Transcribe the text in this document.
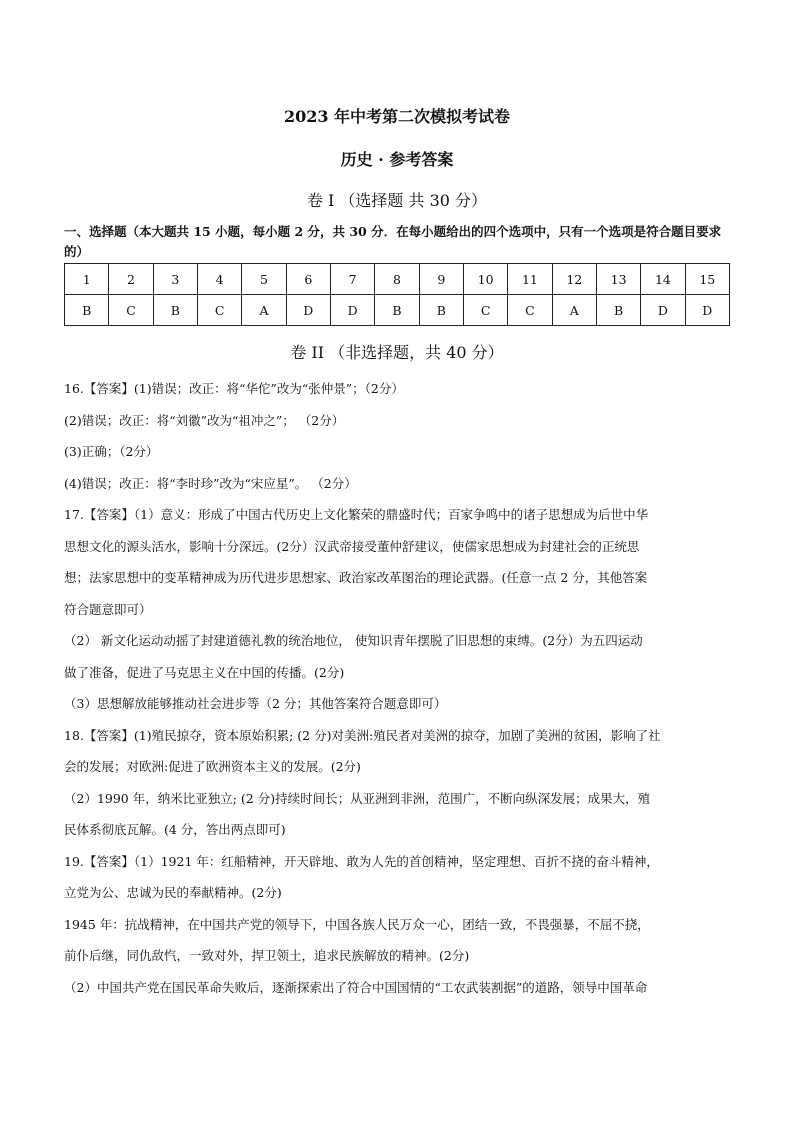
2023 年中考第二次模拟考试卷
历史 · 参考答案
卷 I （选择题 共 30 分）
一、选择题（本大题共 15 小题，每小题 2 分，共 30 分．在每小题给出的四个选项中，只有一个选项是符合题目要求的）
1	2	3	4	5	6	7	8	9	10	11	12	13	14	15
B	C	B	C	A	D	D	B	B	C	C	A	B	D	D
卷 II （非选择题，共 40 分）

16.【答案】(1)错误；改正：将“华佗”改为“张仲景”；（2分）

(2)错误；改正：将“刘徽”改为“祖冲之”； （2分）

(3)正确；（2分）

(4)错误；改正：将“李时珍”改为“宋应星”。 （2分）

17.【答案】（1）意义：形成了中国古代历史上文化繁荣的鼎盛时代；百家争鸣中的诸子思想成为后世中华

思想文化的源头活水，影响十分深远。(2分）汉武帝接受董仲舒建议，使儒家思想成为封建社会的正统思

想；法家思想中的变革精神成为历代进步思想家、政治家改革图治的理论武器。(任意一点 2 分，其他答案

符合题意即可）

（2） 新文化运动动摇了封建道德礼教的统治地位， 使知识青年摆脱了旧思想的束缚。(2分）为五四运动

做了准备，促进了马克思主义在中国的传播。(2分)

（3）思想解放能够推动社会进步等（2 分；其他答案符合题意即可）

18.【答案】(1)殖民掠夺，资本原始积累; (2 分)对美洲:殖民者对美洲的掠夺，加剧了美洲的贫困，影响了社

会的发展；对欧洲:促进了欧洲资本主义的发展。(2分)

（2）1990 年，纳米比亚独立; (2 分)持续时间长；从亚洲到非洲，范围广，不断向纵深发展；成果大，殖

民体系彻底瓦解。(4 分，答出两点即可)

19.【答案】（1）1921 年：红船精神，开天辟地、敢为人先的首创精神，坚定理想、百折不挠的奋斗精神，

立党为公、忠诚为民的奉献精神。(2分)

1945 年：抗战精神，在中国共产党的领导下，中国各族人民万众一心，团结一致，不畏强暴，不屈不挠，

前仆后继，同仇敌忾，一致对外，捍卫领土，追求民族解放的精神。(2分)

（2）中国共产党在国民革命失败后，逐渐探索出了符合中国国情的“工农武装割据”的道路，领导中国革命
